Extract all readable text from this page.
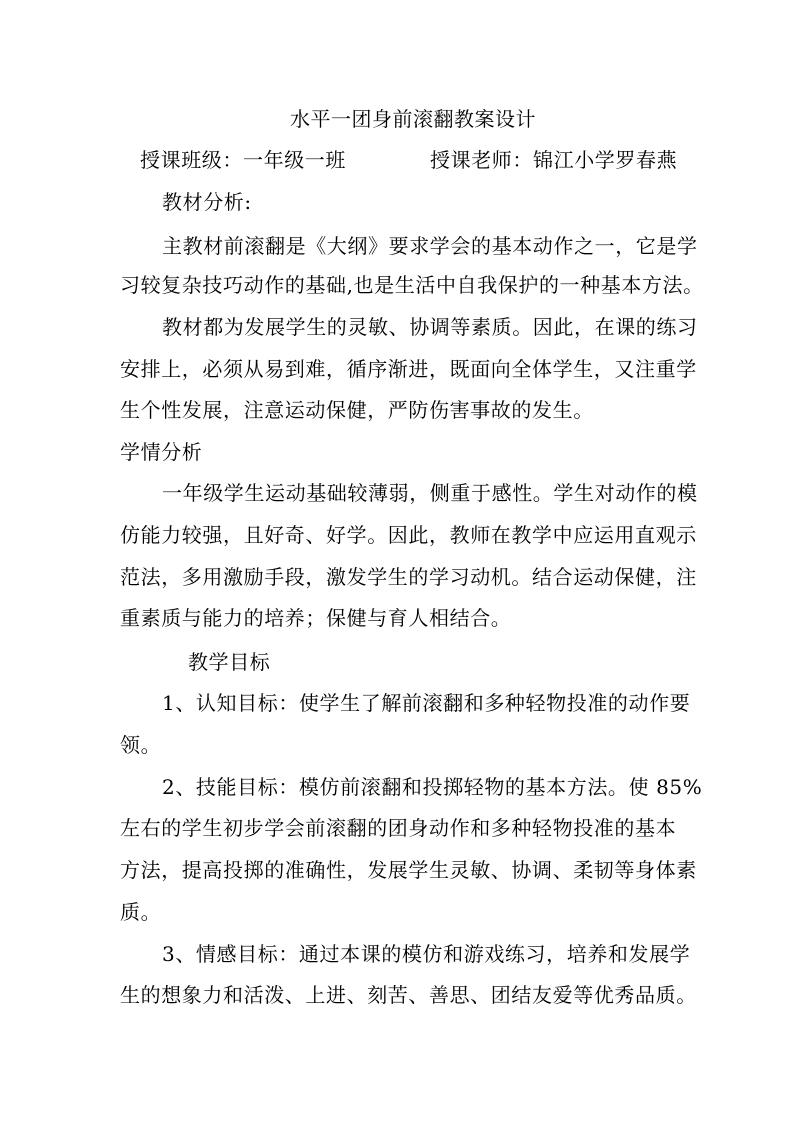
水平一团身前滚翻教案设计
授课班级：一年级一班	授课老师：锦江小学罗春燕
教材分析:
主教材前滚翻是《大纲》要求学会的基本动作之一，它是学
习较复杂技巧动作的基础,也是生活中自我保护的一种基本方法。
教材都为发展学生的灵敏、协调等素质。因此，在课的练习
安排上，必须从易到难，循序渐进，既面向全体学生，又注重学
生个性发展，注意运动保健，严防伤害事故的发生。
学情分析
一年级学生运动基础较薄弱，侧重于感性。学生对动作的模
仿能力较强，且好奇、好学。因此，教师在教学中应运用直观示
范法，多用激励手段，激发学生的学习动机。结合运动保健，注
重素质与能力的培养；保健与育人相结合。
教学目标
1、认知目标：使学生了解前滚翻和多种轻物投准的动作要
领。
2、技能目标：模仿前滚翻和投掷轻物的基本方法。使 85%
左右的学生初步学会前滚翻的团身动作和多种轻物投准的基本
方法，提高投掷的准确性，发展学生灵敏、协调、柔韧等身体素
质。
3、情感目标：通过本课的模仿和游戏练习，培养和发展学
生的想象力和活泼、上进、刻苦、善思、团结友爱等优秀品质。
